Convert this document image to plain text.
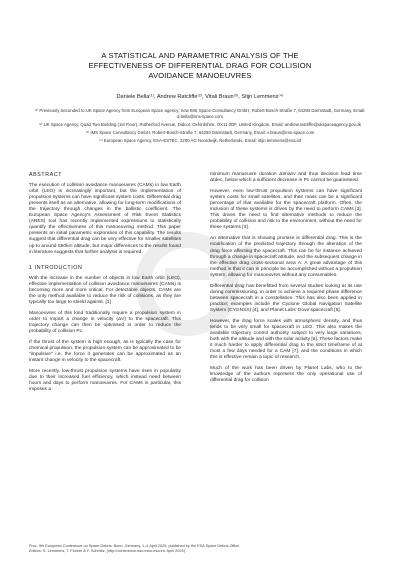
A STATISTICAL AND PARAMETRIC ANALYSIS OF THE
EFFECTIVENESS OF DIFFERENTIAL DRAG FOR COLLISION
AVOIDANCE MANOEUVRES
Daniele Bella⁽¹⁾, Andrew Ratcliffe⁽²⁾, Vitali Braun⁽³⁾, Stijn Lemmens⁽⁴⁾

⁽¹⁾ Previously Seconded to UK Space Agency from European Space agency; now IMS Space Consultancy GmbH, Robert-Bosch-Straße 7, 64293 Darmstadt, Germany, Email: d.bella@ims-space.com

⁽²⁾ UK Space Agency, Quad Two Building (1st Floor), Rutherford Avenue, Didcot, Oxfordshire, OX11 0DF, United Kingdom, Email: andrew.ratcliffe@ukspaceagency.gov.uk

⁽³⁾ IMS Space Consultancy GmbH, Robert-Bosch-Straße 7, 64293 Darmstadt, Germany, Email: v.braun@ims-space.com

⁽⁴⁾ European Space Agency, ESA-ESTEC, 2200 AG Noordwijk, Netherlands, Email: stijn.lemmens@esa.int

ABSTRACT

The execution of collision avoidance manoeuvres (CAMs) in low Earth orbit (LEO) is increasingly important, but the implementation of propulsion systems can have significant system costs. Differential drag presents itself as an alternative, allowing for long-term modifications of the trajectory through changes in the ballistic coefficient. The European Space Agency's Assessment of Risk Event Statistics (ARES) tool has recently implemented expressions to statistically quantify the effectiveness of this manoeuvring method. This paper presents an initial parametric exploration of this capability. The results suggest that differential drag can be very effective for smaller satellites up to around 550km altitude, but major differences to the results found in literature suggests that further analysis is required.

1 INTRODUCTION

With the increase in the number of objects in low Earth orbit (LEO), effective implementation of collision avoidance manoeuvres (CAMs) is becoming more and more critical. For detectable objects, CAMs are the only method available to reduce the risk of collisions, as they are typically too large to shield against. [1]

Manoeuvres of this kind traditionally require a propulsion system in order to impart a change in velocity (ΔV) to the spacecraft. This trajectory change can then be optimised in order to reduce the probability of collision Pc.

If the thrust of the system is high enough, as is typically the case for chemical propulsion, the propulsion system can be approximated to be "impulsive" i.e. the force it generates can be approximated as an instant change in velocity to the spacecraft.

More recently, low-thrust propulsion systems have risen in popularity due to their increased fuel efficiency, which instead need between hours and days to perform manoeuvres. For CAMs in particular, this imposes a

minimum manoeuvre duration Δtmanv and thus decision lead time Δtdec, below which a sufficient decrease in Pc cannot be guaranteed.

However, even low-thrust propulsion systems can have significant system costs for small satellites, and their mass can be a significant percentage of that available for the spacecraft platform. Often, the inclusion of these systems is driven by the need to perform CAMs [2]. This drives the need to find alternative methods to reduce the probability of collision and risk to the environment, without the need for these systems [3].

An alternative that is showing promise is differential drag. This is the modification of the predicted trajectory through the alteration of the drag force affecting the spacecraft. This can be for instance achieved through a change in spacecraft attitude, and the subsequent change in the effective drag cross-sectional area A. A great advantage of this method is that it can in principle be accomplished without a propulsion system, allowing for manoeuvres without any consumables.

Differential drag has benefitted from several studies looking at its use during commissioning, in order to achieve a required phase difference between spacecraft in a constellation. This has also been applied in practice; examples include the Cyclone Global Navigation Satellite System (CYGNSS) [4], and Planet Labs' Dove spacecraft [5].

However, the drag force scales with atmospheric density, and thus tends to be very small for spacecraft in LEO. This also makes the available trajectory control authority subject to very large variations, both with the altitude and with the solar activity [6]. These factors make it much harder to apply differential drag to the strict timeframe of at most a few days needed for a CAM [7], and the conditions in which this is effective remain a topic of research.

Much of the work has been driven by Planet Labs, who to the knowledge of the authors represent the only operational use of differential drag for collision

Proc. 9th European Conference on Space Debris, Bonn, Germany, 1–4 April 2025, published by the ESA Space Debris Office
Editors: S. Lemmens, T. Flohrer & F. Schmitz, (http://conference.sdo.esoc.esa.int, April 2025)
